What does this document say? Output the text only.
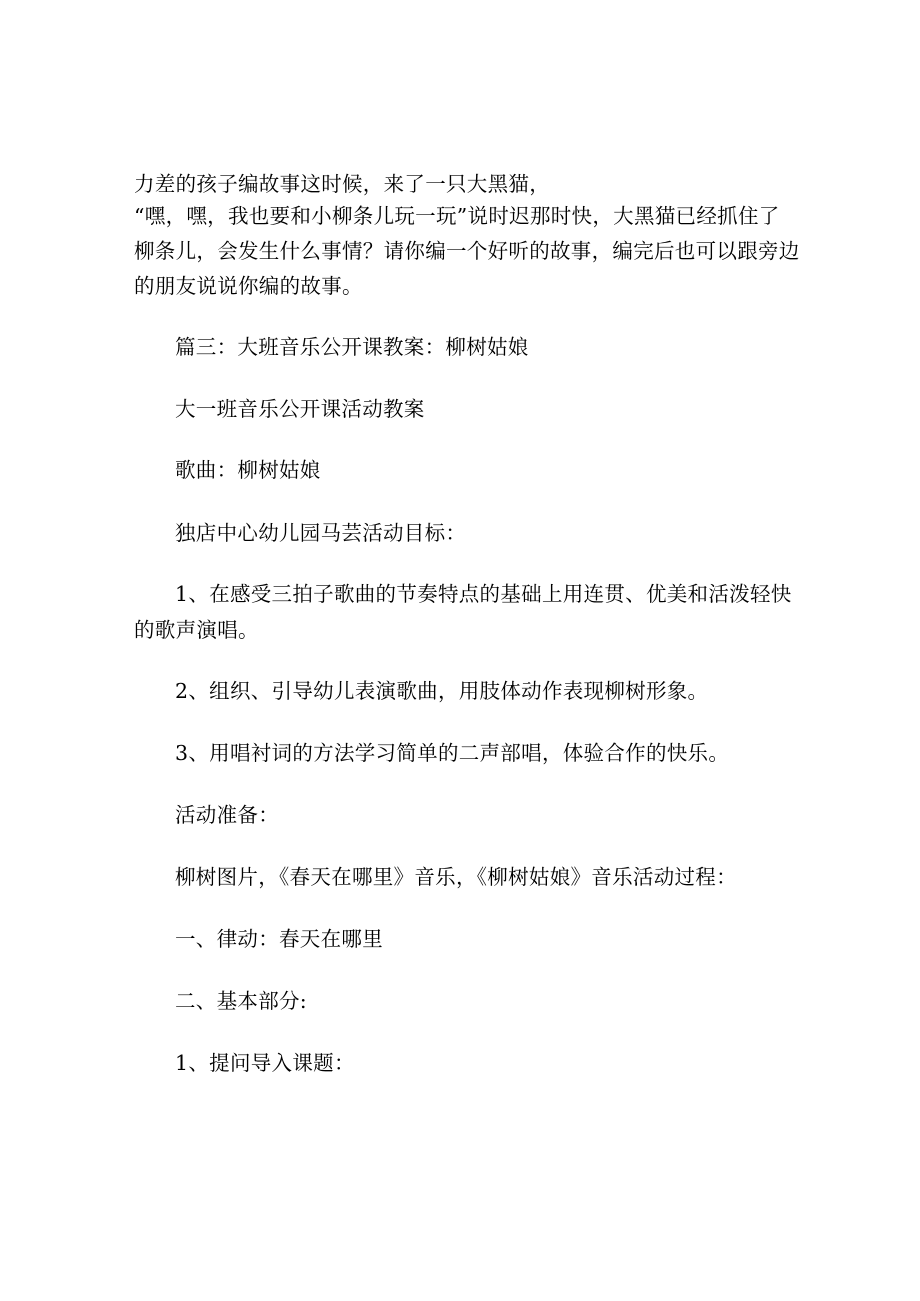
力差的孩子编故事这时候，来了一只大黑猫，
“嘿，嘿，我也要和小柳条儿玩一玩”说时迟那时快，大黑猫已经抓住了
柳条儿，会发生什么事情？请你编一个好听的故事，编完后也可以跟旁边
的朋友说说你编的故事。
篇三：大班音乐公开课教案：柳树姑娘
大一班音乐公开课活动教案
歌曲：柳树姑娘
独店中心幼儿园马芸活动目标：
1、在感受三拍子歌曲的节奏特点的基础上用连贯、优美和活泼轻快
的歌声演唱。
2、组织、引导幼儿表演歌曲，用肢体动作表现柳树形象。
3、用唱衬词的方法学习简单的二声部唱，体验合作的快乐。
活动准备：
柳树图片，《春天在哪里》音乐，《柳树姑娘》音乐活动过程：
一、律动：春天在哪里
二、基本部分:
1、提问导入课题：
